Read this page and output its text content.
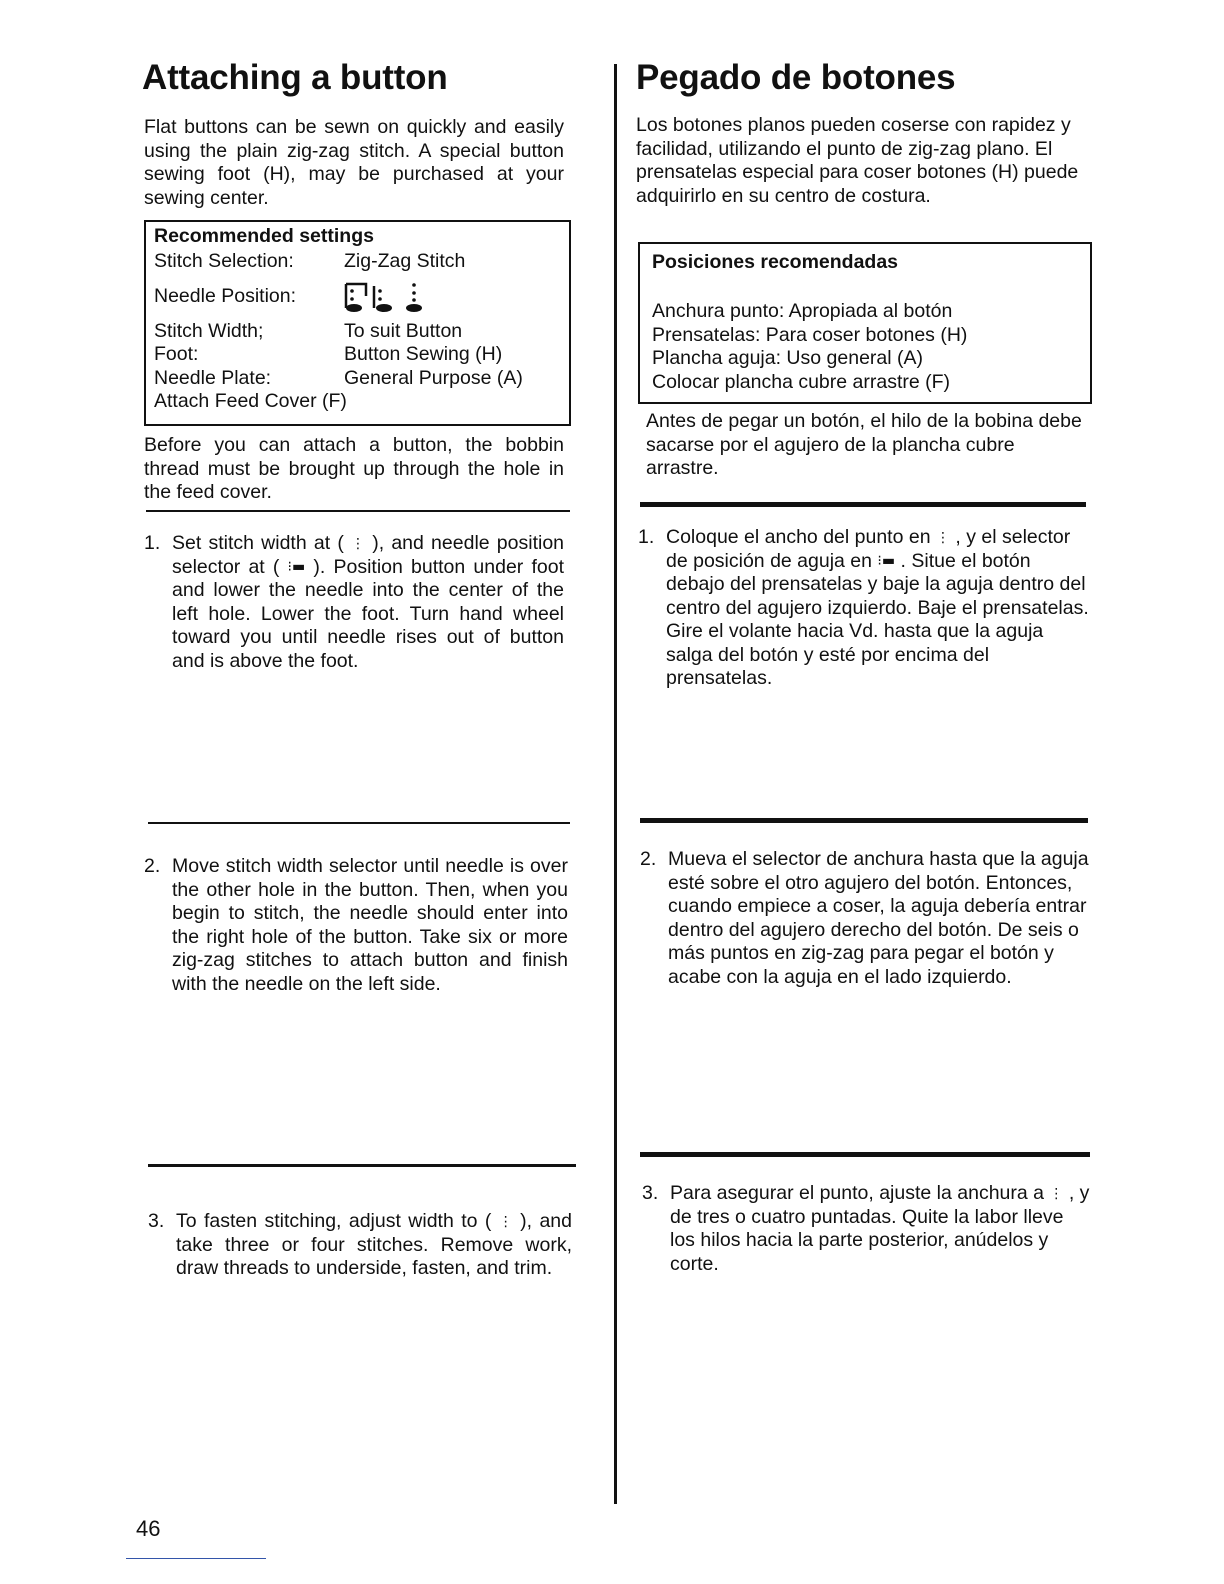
Attaching a button

Flat buttons can be sewn on quickly and easily using the plain zig-zag stitch. A special button sewing foot (H), may be purchased at your sewing center.

Recommended settings
Stitch Selection:	Zig-Zag Stitch
Needle Position:
Stitch Width;	To suit Button
Foot:	Button Sewing (H)
Needle Plate:	General Purpose (A)
Attach Feed Cover (F)

Before you can attach a button, the bobbin thread must be brought up through the hole in the feed cover.

1. Set stitch width at ( ⋮ ), and needle position selector at ( ⁝▬ ). Position button under foot and lower the needle into the center of the left hole. Lower the foot. Turn hand wheel toward you until needle rises out of button and is above the foot.
2. Move stitch width selector until needle is over the other hole in the button. Then, when you begin to stitch, the needle should enter into the right hole of the button. Take six or more zig-zag stitches to attach button and finish with the needle on the left side.
3. To fasten stitching, adjust width to ( ⋮ ), and take three or four stitches. Remove work, draw threads to underside, fasten, and trim.
Pegado de botones

Los botones planos pueden coserse con rapidez y facilidad, utilizando el punto de zig-zag plano. El prensatelas especial para coser botones (H) puede adquirirlo en su centro de costura.

Posiciones recomendadas
Anchura punto: Apropiada al botón
Prensatelas: Para coser botones (H)
Plancha aguja: Uso general (A)
Colocar plancha cubre arrastre (F)

Antes de pegar un botón, el hilo de la bobina debe sacarse por el agujero de la plancha cubre arrastre.

1. Coloque el ancho del punto en ⋮ , y el selector de posición de aguja en ⁝▬ . Situe el botón debajo del prensatelas y baje la aguja dentro del centro del agujero izquierdo. Baje el prensatelas. Gire el volante hacia Vd. hasta que la aguja salga del botón y esté por encima del prensatelas.
2. Mueva el selector de anchura hasta que la aguja esté sobre el otro agujero del botón. Entonces, cuando empiece a coser, la aguja debería entrar dentro del agujero derecho del botón. De seis o más puntos en zig-zag para pegar el botón y acabe con la aguja en el lado izquierdo.
3. Para asegurar el punto, ajuste la anchura a ⋮ , y de tres o cuatro puntadas. Quite la labor lleve los hilos hacia la parte posterior, anúdelos y corte.
46
